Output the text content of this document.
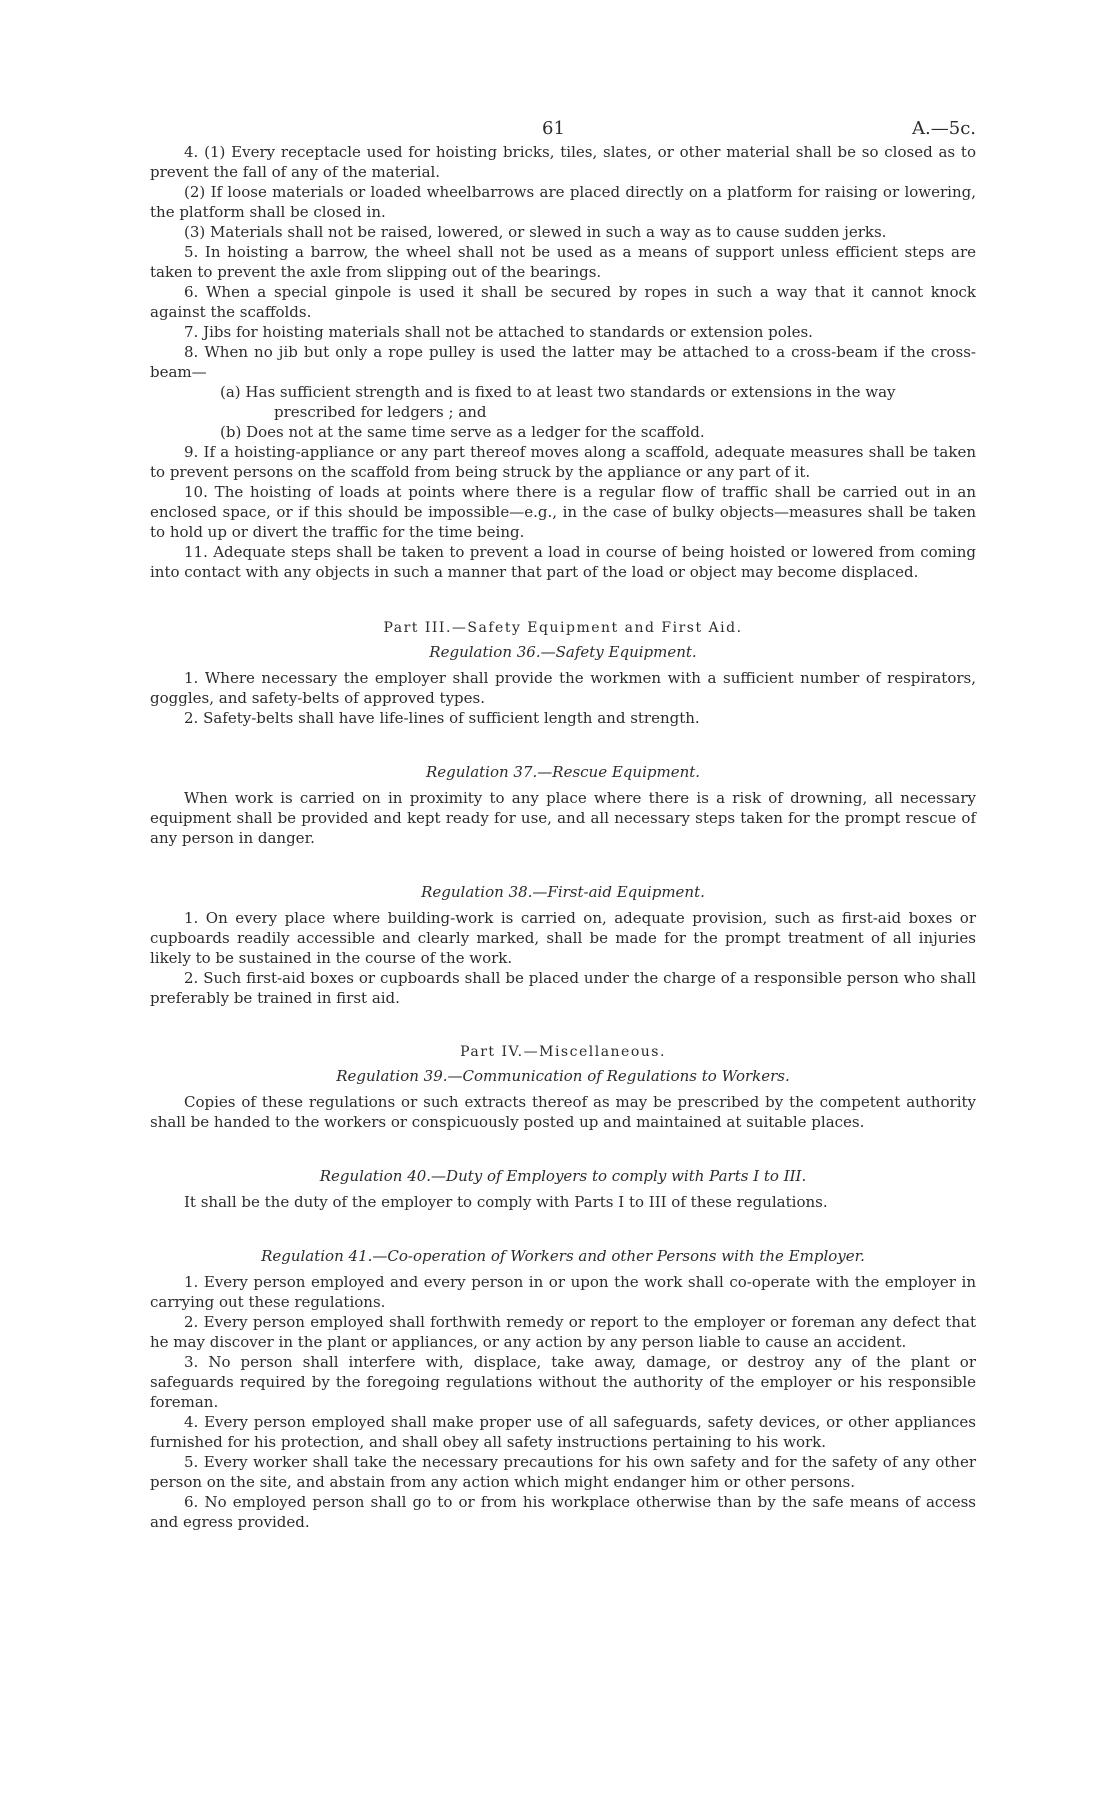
61	A.—5c.

4. (1) Every receptacle used for hoisting bricks, tiles, slates, or other material shall be so closed as to prevent the fall of any of the material.

(2) If loose materials or loaded wheelbarrows are placed directly on a platform for raising or lowering, the platform shall be closed in.

(3) Materials shall not be raised, lowered, or slewed in such a way as to cause sudden jerks.

5. In hoisting a barrow, the wheel shall not be used as a means of support unless efficient steps are taken to prevent the axle from slipping out of the bearings.

6. When a special ginpole is used it shall be secured by ropes in such a way that it cannot knock against the scaffolds.

7. Jibs for hoisting materials shall not be attached to standards or extension poles.

8. When no jib but only a rope pulley is used the latter may be attached to a cross-beam if the cross-beam—

(a) Has sufficient strength and is fixed to at least two standards or extensions in the way prescribed for ledgers ; and

(b) Does not at the same time serve as a ledger for the scaffold.

9. If a hoisting-appliance or any part thereof moves along a scaffold, adequate measures shall be taken to prevent persons on the scaffold from being struck by the appliance or any part of it.

10. The hoisting of loads at points where there is a regular flow of traffic shall be carried out in an enclosed space, or if this should be impossible—e.g., in the case of bulky objects—measures shall be taken to hold up or divert the traffic for the time being.

11. Adequate steps shall be taken to prevent a load in course of being hoisted or lowered from coming into contact with any objects in such a manner that part of the load or object may become displaced.

Part III.—Safety Equipment and First Aid.

Regulation 36.—Safety Equipment.

1. Where necessary the employer shall provide the workmen with a sufficient number of respirators, goggles, and safety-belts of approved types.

2. Safety-belts shall have life-lines of sufficient length and strength.

Regulation 37.—Rescue Equipment.

When work is carried on in proximity to any place where there is a risk of drowning, all necessary equipment shall be provided and kept ready for use, and all necessary steps taken for the prompt rescue of any person in danger.

Regulation 38.—First-aid Equipment.

1. On every place where building-work is carried on, adequate provision, such as first-aid boxes or cupboards readily accessible and clearly marked, shall be made for the prompt treatment of all injuries likely to be sustained in the course of the work.

2. Such first-aid boxes or cupboards shall be placed under the charge of a responsible person who shall preferably be trained in first aid.

Part IV.—Miscellaneous.

Regulation 39.—Communication of Regulations to Workers.

Copies of these regulations or such extracts thereof as may be prescribed by the competent authority shall be handed to the workers or conspicuously posted up and maintained at suitable places.

Regulation 40.—Duty of Employers to comply with Parts I to III.

It shall be the duty of the employer to comply with Parts I to III of these regulations.

Regulation 41.—Co-operation of Workers and other Persons with the Employer.

1. Every person employed and every person in or upon the work shall co-operate with the employer in carrying out these regulations.

2. Every person employed shall forthwith remedy or report to the employer or foreman any defect that he may discover in the plant or appliances, or any action by any person liable to cause an accident.

3. No person shall interfere with, displace, take away, damage, or destroy any of the plant or safeguards required by the foregoing regulations without the authority of the employer or his responsible foreman.

4. Every person employed shall make proper use of all safeguards, safety devices, or other appliances furnished for his protection, and shall obey all safety instructions pertaining to his work.

5. Every worker shall take the necessary precautions for his own safety and for the safety of any other person on the site, and abstain from any action which might endanger him or other persons.

6. No employed person shall go to or from his workplace otherwise than by the safe means of access and egress provided.
